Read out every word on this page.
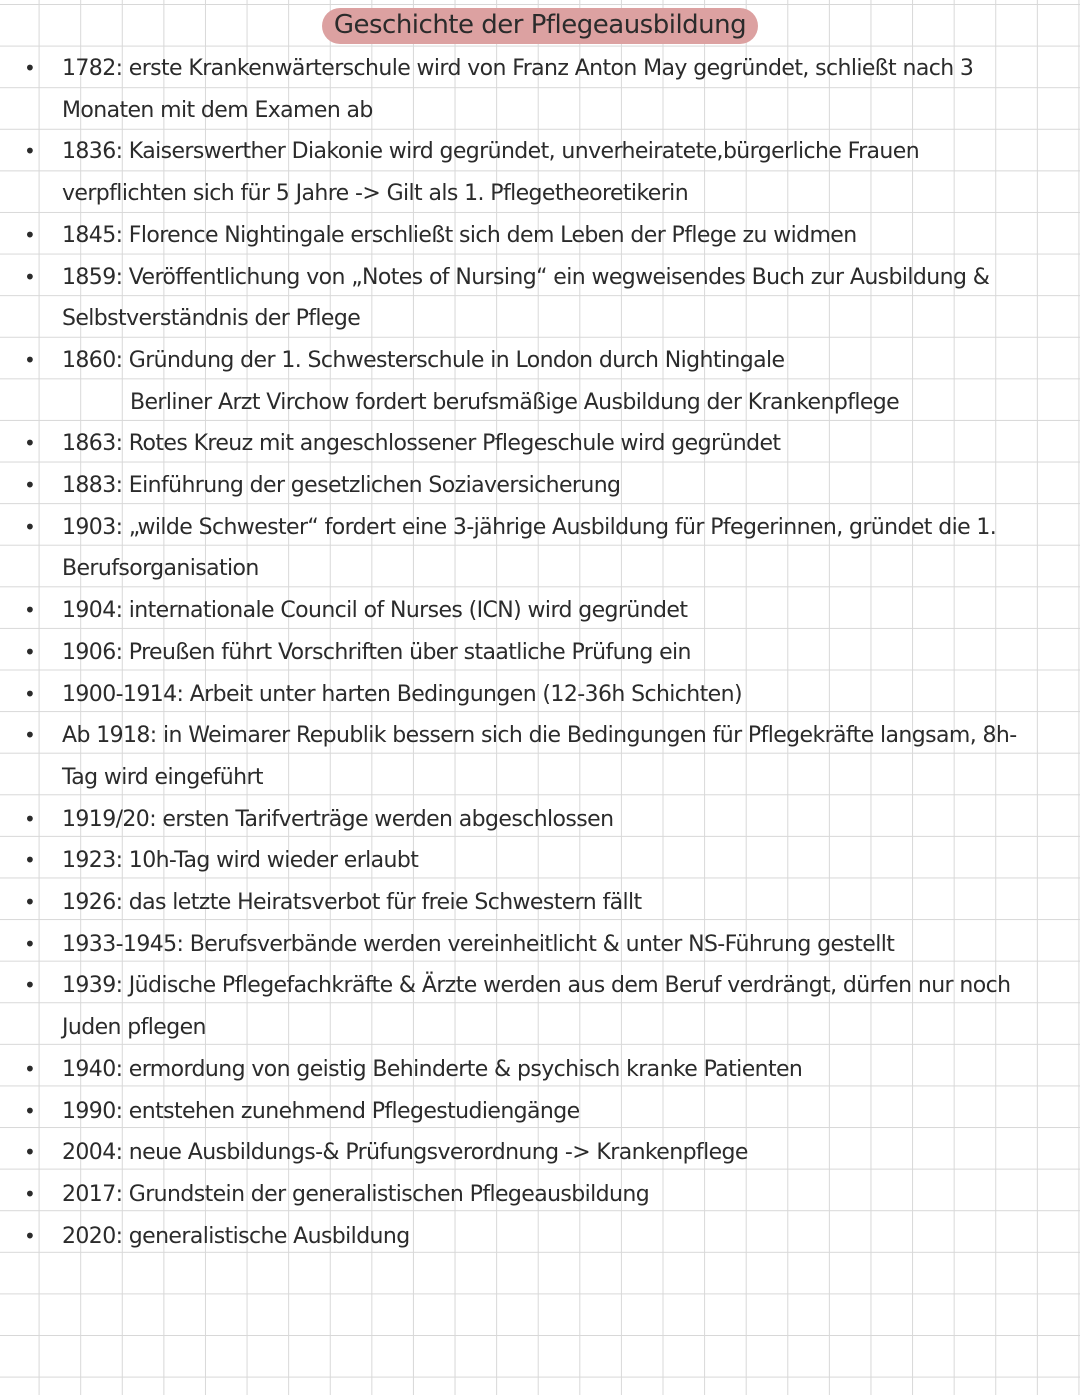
Geschichte der Pflegeausbildung
• 1782: erste Krankenwärterschule wird von Franz Anton May gegründet, schließt nach 3 Monaten mit dem Examen ab
• 1836: Kaiserswerther Diakonie wird gegründet, unverheiratete,bürgerliche Frauen verpflichten sich für 5 Jahre -> Gilt als 1. Pflegetheoretikerin
• 1845: Florence Nightingale erschließt sich dem Leben der Pflege zu widmen
• 1859: Veröffentlichung von „Notes of Nursing“ ein wegweisendes Buch zur Ausbildung & Selbstverständnis der Pflege
• 1860: Gründung der 1. Schwesterschule in London durch Nightingale
Berliner Arzt Virchow fordert berufsmäßige Ausbildung der Krankenpflege
• 1863: Rotes Kreuz mit angeschlossener Pflegeschule wird gegründet
• 1883: Einführung der gesetzlichen Soziaversicherung
• 1903: „wilde Schwester“ fordert eine 3-jährige Ausbildung für Pfegerinnen, gründet die 1. Berufsorganisation
• 1904: internationale Council of Nurses (ICN) wird gegründet
• 1906: Preußen führt Vorschriften über staatliche Prüfung ein
• 1900-1914: Arbeit unter harten Bedingungen (12-36h Schichten)
• Ab 1918: in Weimarer Republik bessern sich die Bedingungen für Pflegekräfte langsam, 8h- Tag wird eingeführt
• 1919/20: ersten Tarifverträge werden abgeschlossen
• 1923: 10h-Tag wird wieder erlaubt
• 1926: das letzte Heiratsverbot für freie Schwestern fällt
• 1933-1945: Berufsverbände werden vereinheitlicht & unter NS-Führung gestellt
• 1939: Jüdische Pflegefachkräfte & Ärzte werden aus dem Beruf verdrängt, dürfen nur noch Juden pflegen
• 1940: ermordung von geistig Behinderte & psychisch kranke Patienten
• 1990: entstehen zunehmend Pflegestudiengänge
• 2004: neue Ausbildungs-& Prüfungsverordnung -> Krankenpflege
• 2017: Grundstein der generalistischen Pflegeausbildung
• 2020: generalistische Ausbildung
